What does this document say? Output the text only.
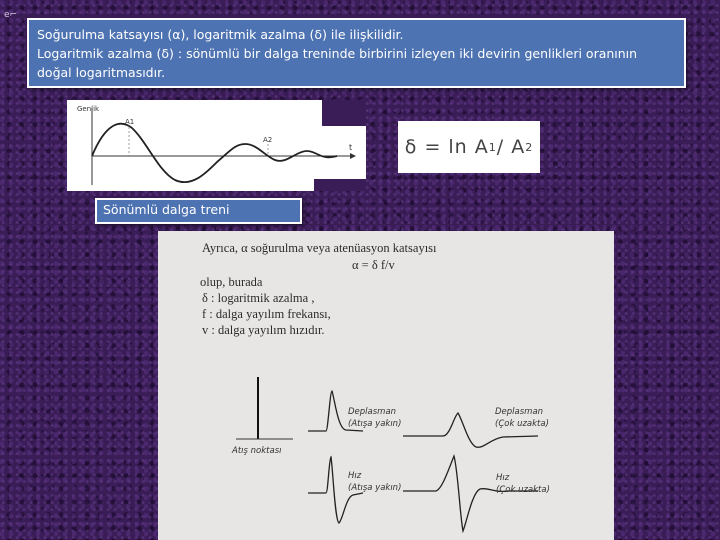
e⌐
Soğurulma katsayısı (α), logaritmik azalma (δ) ile ilişkilidir.
Logaritmik azalma (δ) : sönümlü bir dalga treninde birbirini izleyen iki devirin genlikleri oranının
doğal logaritmasıdır.
Genlik
A1
A2
t	δ = ln A 1 / A 2
Sönümlü dalga treni
Ayrıca, α soğurulma veya atenüasyon katsayısı
α = δ f/v
olup, burada
δ : logaritmik azalma ,
f : dalga yayılım frekansı,
v : dalga yayılım hızıdır.
Atış noktası
Deplasman
(Atışa yakın)
Deplasman
(Çok uzakta)
Hız
(Atışa yakın)
Hız
(Çok uzakta)
